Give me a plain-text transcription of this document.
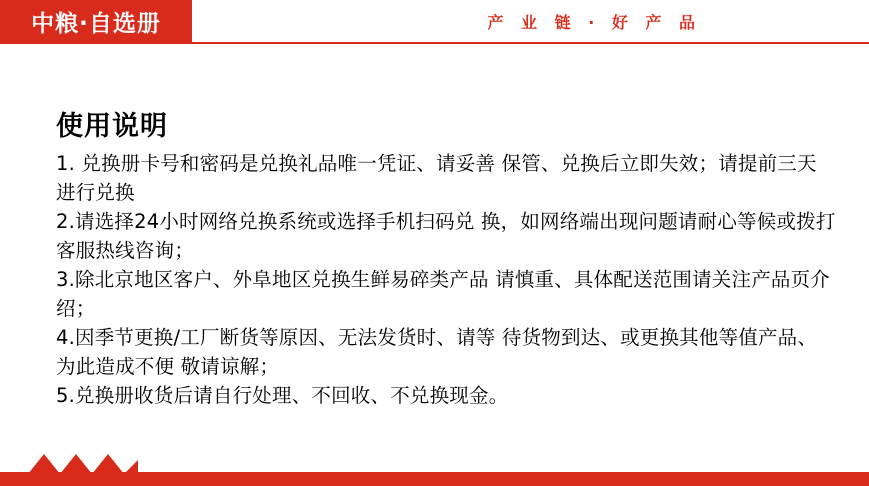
中粮·自选册	产 业 链 · 好 产 品
使用说明

1. 兑换册卡号和密码是兑换礼品唯一凭证、请妥善 保管、兑换后立即失效；请提前三天进行兑换

2.请选择24小时网络兑换系统或选择手机扫码兑 换，如网络端出现问题请耐心等候或拨打客服热线咨询；

3.除北京地区客户、外阜地区兑换生鲜易碎类产品 请慎重、具体配送范围请关注产品页介绍；

4.因季节更换/工厂断货等原因、无法发货时、请等 待货物到达、或更换其他等值产品、为此造成不便 敬请谅解；

5.兑换册收货后请自行处理、不回收、不兑换现金。
